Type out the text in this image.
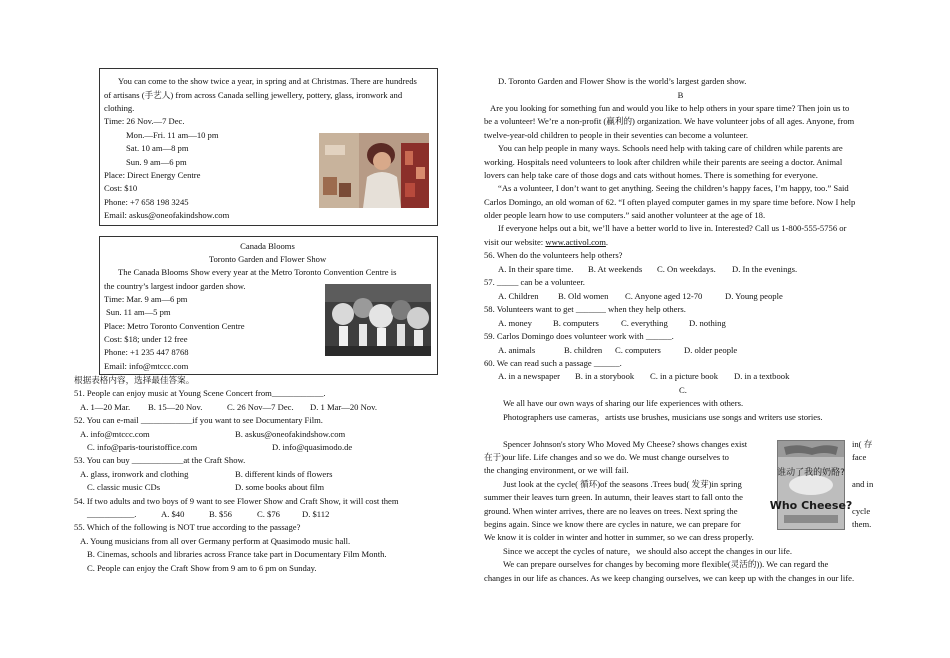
You can come to the show twice a year, in spring and at Christmas. There are hundreds
of artisans (手艺人) from across Canada selling jewellery, pottery, glass, ironwork and
clothing.
Time: 26 Nov.—7 Dec.
Mon.—Fri. 11 am—10 pm
Sat. 10 am—8 pm
Sun. 9 am—6 pm
Place: Direct Energy Centre
Cost: $10
Phone: +7 658 198 3245
Email: askus@oneofakindshow.com
Canada Blooms
Toronto Garden and Flower Show
The Canada Blooms Show every year at the Metro Toronto Convention Centre is
the country’s largest indoor garden show.
Time: Mar. 9 am—6 pm
Sun. 11 am—5 pm
Place: Metro Toronto Convention Centre
Cost: $18; under 12 free
Phone: +1 235 447 8768
Email: info@mtccc.com
根据表格内容，选择最佳答案。
51. People can enjoy music at Young Scene Concert from____________.
A. 1—20 Mar. B. 15—20 Nov.	C. 26 Nov—7 Dec. D. 1 Mar—20 Nov.
52. You can e-mail ____________if you want to see Documentary Film.
A. info@mtccc.com	B. askus@oneofakindshow.com
C. info@paris-touristoffice.com	D. info@quasimodo.de
53. You can buy ____________at the Craft Show.
A. glass, ironwork and clothing	B. different kinds of flowers
C. classic music CDs	D. some books about film
54. If two adults and two boys of 9 want to see Flower Show and Craft Show, it will cost them
___________.	A. $40	B. $56	C. $76	D. $112
55. Which of the following is NOT true according to the passage?
A. Young musicians from all over Germany perform at Quasimodo music hall.
B. Cinemas, schools and libraries across France take part in Documentary Film Month.
C. People can enjoy the Craft Show from 9 am to 6 pm on Sunday.
D. Toronto Garden and Flower Show is the world’s largest garden show.
B
Are you looking for something fun and would you like to help others in your spare time? Then join us to
be a volunteer! We’re a non-profit (赢利的) organization. We have volunteer jobs of all ages. Anyone, from
twelve-year-old children to people in their seventies can become a volunteer.
You can help people in many ways. Schools need help with taking care of children while parents are
working. Hospitals need volunteers to look after children while their parents are seeing a doctor. Animal
lovers can help take care of those dogs and cats without homes. There is something for everyone.
“As a volunteer, I don’t want to get anything. Seeing the children’s happy faces, I’m happy, too.” Said
Carlos Domingo, an old woman of 62. “I often played computer games in my spare time before. Now I help
older people learn how to use computers.” said another volunteer at the age of 18.
If everyone helps out a bit, we’ll have a better world to live in. Interested? Call us 1-800-555-5756 or
visit our website: www.activol.com.
56. When do the volunteers help others?
A. In their spare time. B. At weekends C. On weekdays. D. In the evenings.
57. _____ can be a volunteer.
A. Children B. Old women C. Anyone aged 12-70	D. Young people
58. Volunteers want to get _______ when they help others.
A. money B. computers	C. everything D. nothing
59. Carlos Domingo does volunteer work with ______.
A. animals	B. children C. computers	D. older people
60. We can read such a passage ______.
A. in a newspaper B. in a storybook C. in a picture book D. in a textbook
C.
We all have our own ways of sharing our life experiences with others.
Photographers use cameras，artists use brushes, musicians use songs and writers use stories.
Spencer Johnson's story Who Moved My Cheese? shows changes exist	in( 存
在于)our life. Life changes and so we do. We must change ourselves to	face
the changing environment, or we will fail.
Just look at the cycle( 循环)of the seasons .Trees bud( 发芽)in spring	and in
summer their leaves turn green. In autumn, their leaves start to fall onto the
ground. When winter arrives, there are no leaves on trees. Next spring the	cycle
begins again. Since we know there are cycles in nature, we can prepare for	them.
We know it is colder in winter and hotter in summer, so we can dress properly.
Since we accept the cycles of nature，we should also accept the changes in our life.
We can prepare ourselves for changes by becoming more flexible(灵活的)). We can regard the
changes in our life as chances. As we keep changing ourselves, we can keep up with the changes in our life.
谁动了我的奶酪?
Who Cheese?
